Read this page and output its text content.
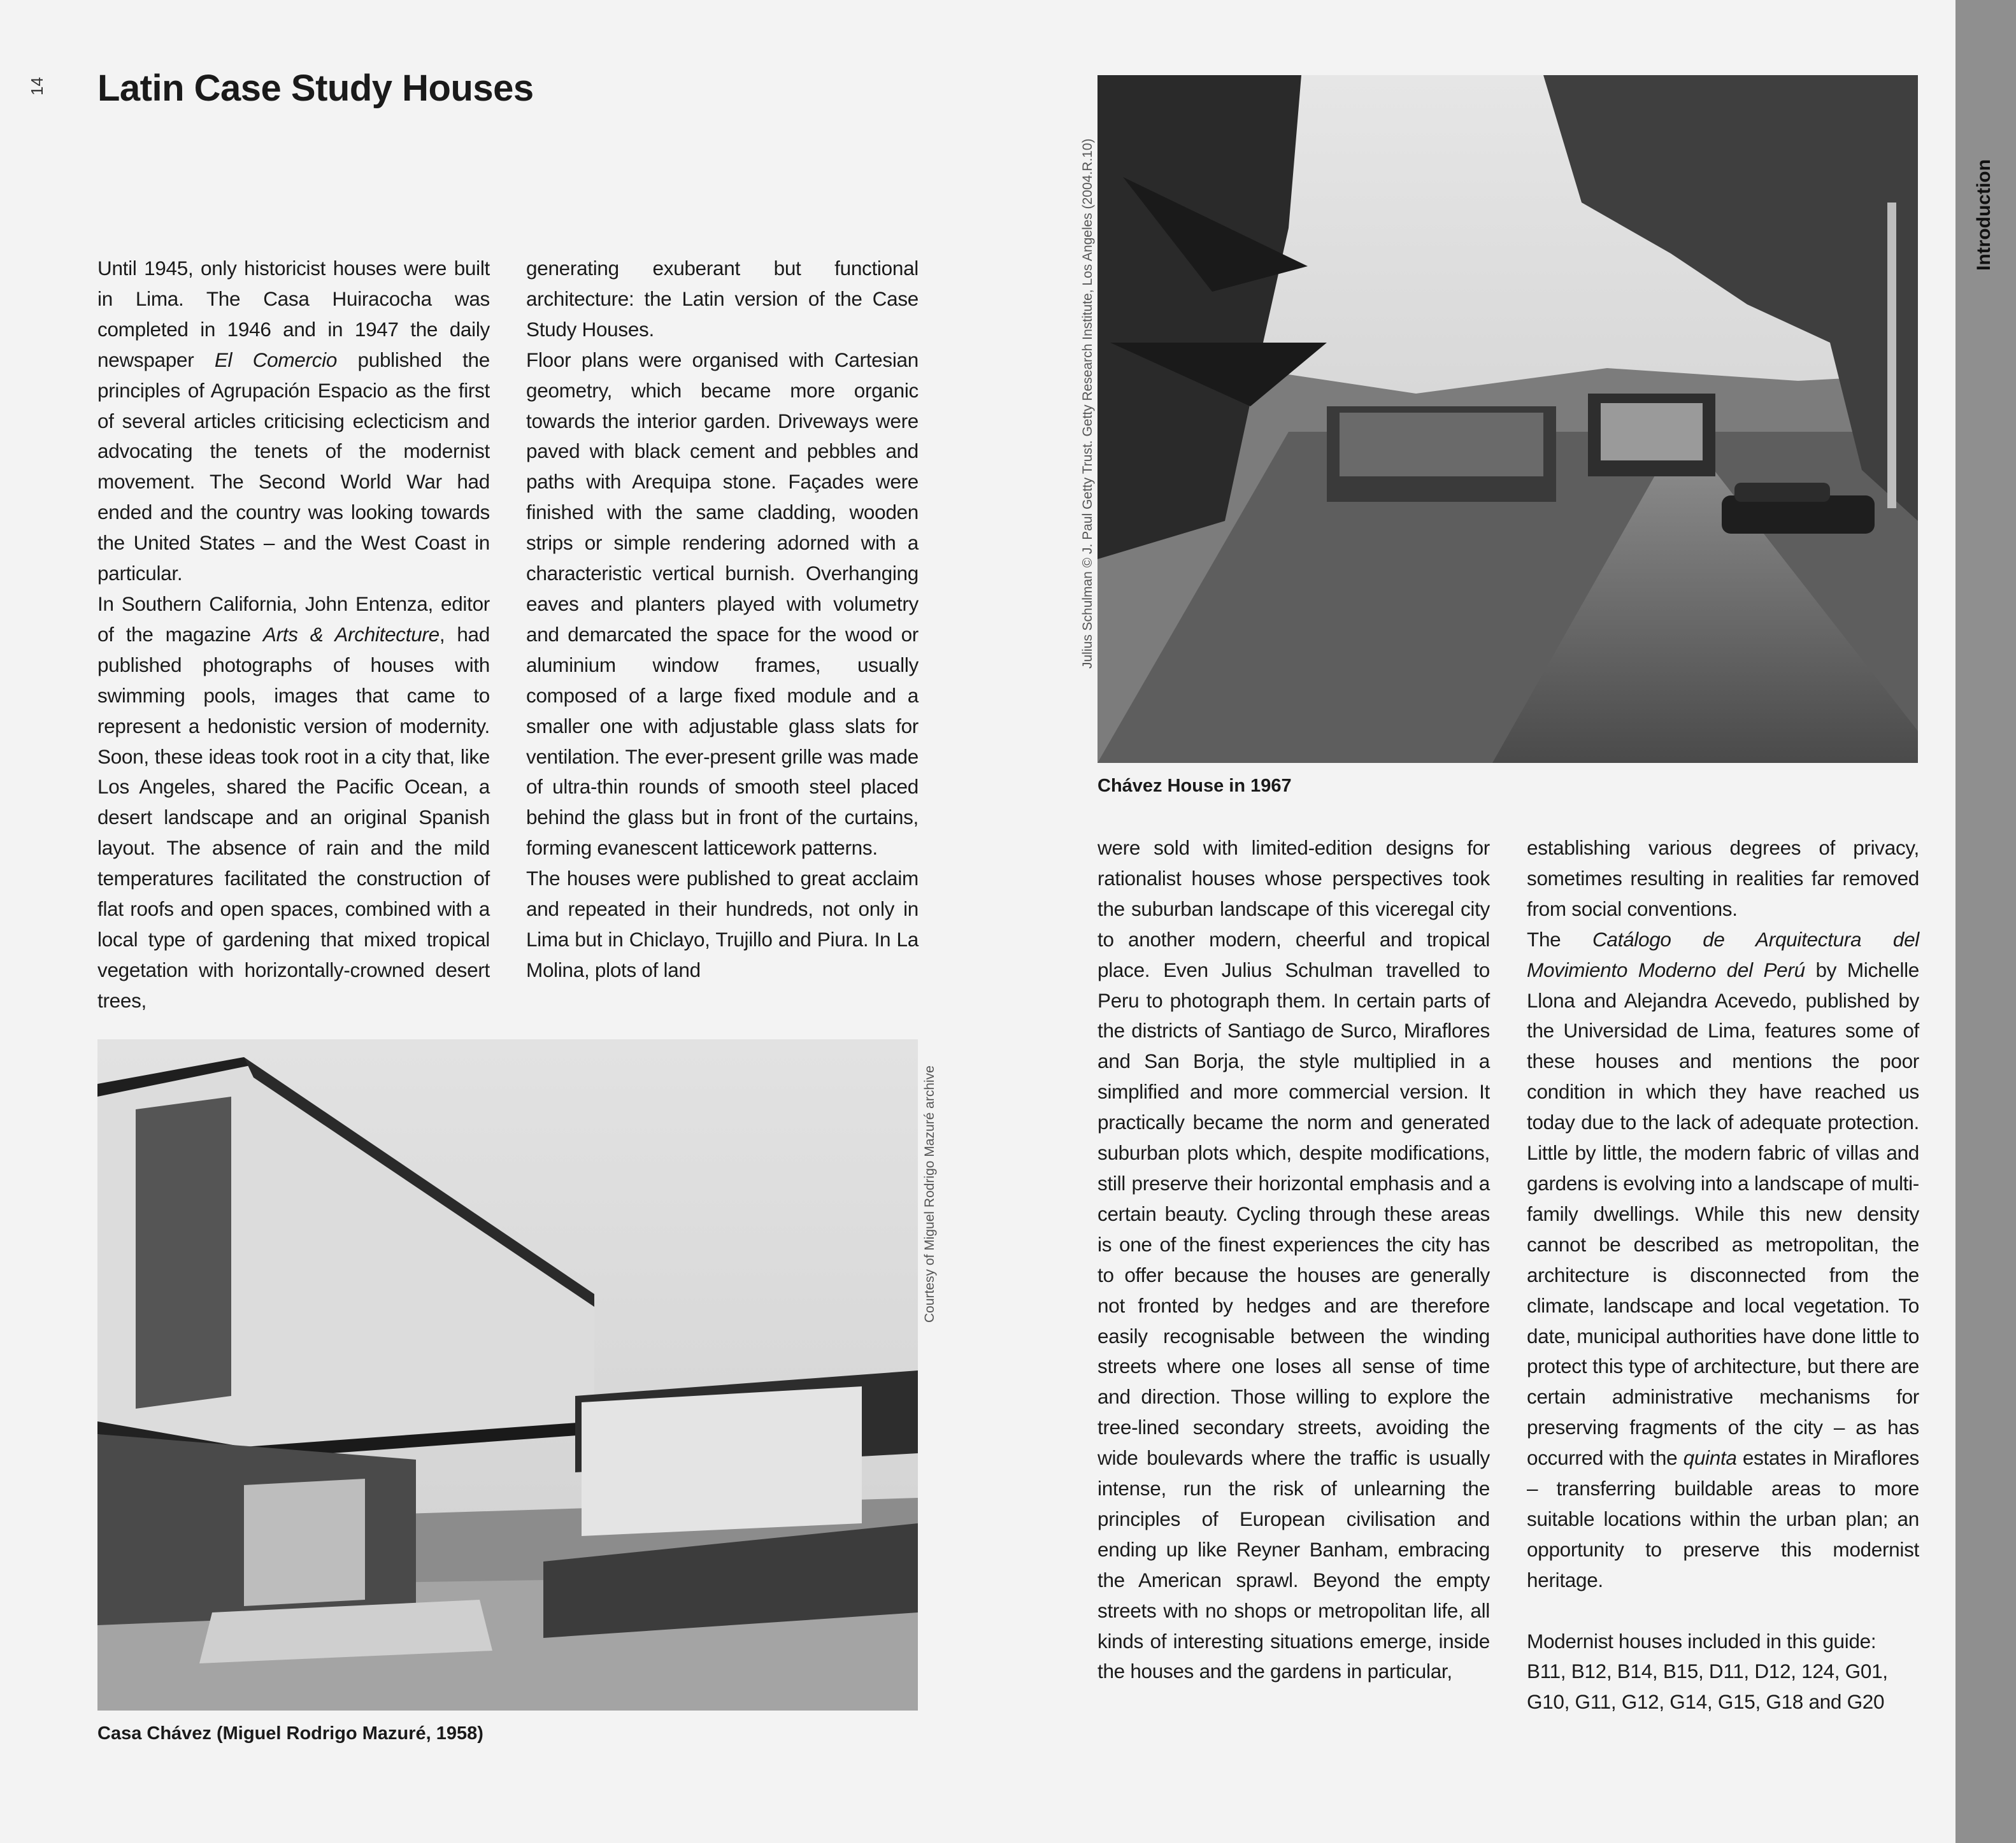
14 Latin Case Study Houses
Introduction

Until 1945, only historicist houses were built in Lima. The Casa Huiracocha was completed in 1946 and in 1947 the daily newspaper El Comercio published the principles of Agrupación Espacio as the first of several articles criticising eclecticism and advocating the tenets of the modernist movement. The Second World War had ended and the country was looking towards the United States – and the West Coast in particular.

In Southern California, John Entenza, editor of the magazine Arts & Architecture, had published photographs of houses with swimming pools, images that came to represent a hedonistic version of modernity. Soon, these ideas took root in a city that, like Los Angeles, shared the Pacific Ocean, a desert landscape and an original Spanish layout. The absence of rain and the mild temperatures facilitated the construction of flat roofs and open spaces, combined with a local type of gardening that mixed tropical vegetation with horizontally-crowned desert trees,

generating exuberant but functional architecture: the Latin version of the Case Study Houses.

Floor plans were organised with Cartesian geometry, which became more organic towards the interior garden. Driveways were paved with black cement and pebbles and paths with Arequipa stone. Façades were finished with the same cladding, wooden strips or simple rendering adorned with a characteristic vertical burnish. Overhanging eaves and planters played with volumetry and demarcated the space for the wood or aluminium window frames, usually composed of a large fixed module and a smaller one with adjustable glass slats for ventilation. The ever-present grille was made of ultra-thin rounds of smooth steel placed behind the glass but in front of the curtains, forming evanescent latticework patterns.

The houses were published to great acclaim and repeated in their hundreds, not only in Lima but in Chiclayo, Trujillo and Piura. In La Molina, plots of land

were sold with limited-edition designs for rationalist houses whose perspectives took the suburban landscape of this viceregal city to another modern, cheerful and tropical place. Even Julius Schulman travelled to Peru to photograph them. In certain parts of the districts of Santiago de Surco, Miraflores and San Borja, the style multiplied in a simplified and more commercial version. It practically became the norm and generated suburban plots which, despite modifications, still preserve their horizontal emphasis and a certain beauty. Cycling through these areas is one of the finest experiences the city has to offer because the houses are generally not fronted by hedges and are therefore easily recognisable between the winding streets where one loses all sense of time and direction. Those willing to explore the tree-lined secondary streets, avoiding the wide boulevards where the traffic is usually intense, run the risk of unlearning the principles of European civilisation and ending up like Reyner Banham, embracing the American sprawl. Beyond the empty streets with no shops or metropolitan life, all kinds of interesting situations emerge, inside the houses and the gardens in particular,

establishing various degrees of privacy, sometimes resulting in realities far removed from social conventions.

The Catálogo de Arquitectura del Movimiento Moderno del Perú by Michelle Llona and Alejandra Acevedo, published by the Universidad de Lima, features some of these houses and mentions the poor condition in which they have reached us today due to the lack of adequate protection. Little by little, the modern fabric of villas and gardens is evolving into a landscape of multi-family dwellings. While this new density cannot be described as metropolitan, the architecture is disconnected from the climate, landscape and local vegetation. To date, municipal authorities have done little to protect this type of architecture, but there are certain administrative mechanisms for preserving fragments of the city – as has occurred with the quinta estates in Miraflores – transferring buildable areas to more suitable locations within the urban plan; an opportunity to preserve this modernist heritage.

Modernist houses included in this guide:

B11, B12, B14, B15, D11, D12, 124, G01,

G10, G11, G12, G14, G15, G18 and G20

Julius Schulman © J. Paul Getty Trust. Getty Research Institute, Los Angeles (2004.R.10)
Chávez House in 1967
Courtesy of Miguel Rodrigo Mazuré archive
Casa Chávez (Miguel Rodrigo Mazuré, 1958)
